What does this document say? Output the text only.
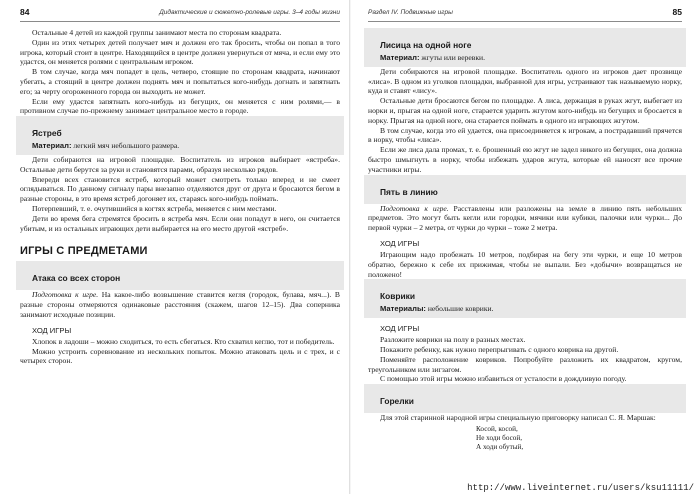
84	Дидактические и сюжетно-ролевые игры. 3–4 годы жизни

Остальные 4 детей из каждой группы занимают места по сторонам квадрата.

Один из этих четырех детей получает мяч и должен его так бросить, чтобы он попал в того игрока, который стоит в центре. Находящийся в центре должен увернуться от мяча, и если ему это удастся, он меняется ролями с центральным игроком.

В том случае, когда мяч попадет в цель, четверо, стоящие по сторонам квадрата, начинают убегать, а стоящий в центре должен поднять мяч и попытаться кого-нибудь догнать и запятнать его; за черту огороженного города он выходить не может.

Если ему удастся запятнать кого-нибудь из бегущих, он меняется с ним ролями,— в противном случае по-прежнему занимает центральное место в городе.

Ястреб

Материал: легкий мяч небольшого размера.

Дети собираются на игровой площадке. Воспитатель из игроков выбирает «ястреба». Остальные дети берутся за руки и становятся парами, образуя несколько рядов.

Впереди всех становится ястреб, который может смотреть только вперед и не смеет оглядываться. По данному сигналу пары внезапно отделяются друг от друга и бросаются бегом в разные стороны, в это время ястреб догоняет их, стараясь кого-нибудь поймать.

Потерпевший, т. е. очутившийся в когтях ястреба, меняется с ним местами.

Дети во время бега стремятся бросить в ястреба мяч. Если они попадут в него, он считается убитым, и из остальных играющих дети выбирается на его место другой «ястреб».

ИГРЫ С ПРЕДМЕТАМИ
Атака со всех сторон

Подготовка к игре. На какое-либо возвышение ставится кегля (городок, булава, мяч...). В разные стороны отмеряются одинаковые расстояния (скажем, шагов 12–15). Два соперника занимают исходные позиции.

ХОД ИГРЫ

Хлопок в ладоши – можно сходиться, то есть сбегаться. Кто схватил кеглю, тот и победитель.

Можно устроить соревнование из нескольких попыток. Можно атаковать цель и с трех, и с четырех сторон.

Раздел IV. Подвижные игры	85
Лисица на одной ноге

Материал: жгуты или веревки.

Дети собираются на игровой площадке. Воспитатель одного из игроков дает прозвище «лиса». В одном из уголков площадки, выбранной для игры, устраивают так называемую норку, куда и ставят «лису».

Остальные дети бросаются бегом по площадке. А лиса, держащая в руках жгут, выбегает из норки и, прыгая на одной ноге, старается ударить жгутом кого-нибудь из бегущих и бросается в норку. Прыгая на одной ноге, она старается поймать в одного из играющих жгутом.

В том случае, когда это ей удается, она присоединяется к игрокам, а пострадавший прячется в норку, чтобы «лиса».

Если же лиса дала промах, т. е. брошенный ею жгут не задел никого из бегущих, она должна быстро шмыгнуть в норку, чтобы избежать ударов жгута, которые ей наносят все прочие участники игры.

Пять в линию

Подготовка к игре. Расставлены или разложены на земле в линию пять небольших предметов. Это могут быть кегли или городки, мячики или кубики, палочки или чурки... До первой чурки – 2 метра, от чурки до чурки – тоже 2 метра.

ХОД ИГРЫ

Играющим надо пробежать 10 метров, подбирая на бегу эти чурки, и еще 10 метров обратно, бережно к себе их прижимая, чтобы не выпали. Без «добычи» возвращаться не положено!

Коврики

Материалы: небольшие коврики.

ХОД ИГРЫ

Разложите коврики на полу в разных местах.

Покажите ребенку, как нужно перепрыгивать с одного коврика на другой.

Поменяйте расположение ковриков. Попробуйте разложить их квадратом, кругом, треугольником или зигзагом.

С помощью этой игры можно избавиться от усталости в дождливую погоду.

Горелки

Для этой старинной народной игры специальную приговорку написал С. Я. Маршак:

Косой, косой,
Не ходи босой,
А ходи обутый,
http://www.liveinternet.ru/users/ksu11111/
